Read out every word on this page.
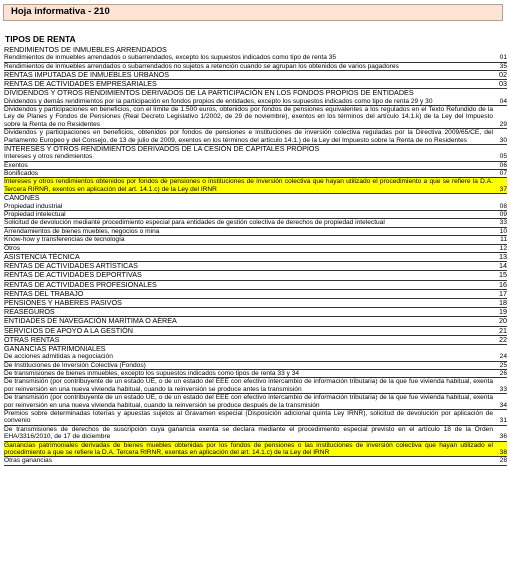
Hoja informativa - 210
TIPOS DE RENTA
RENDIMIENTOS DE INMUEBLES ARRENDADOS
Rendimientos de inmuebles arrendados o subarrendados, excepto los supuestos indicados como tipo de renta 35	01
Rendimientos de inmuebles arrendados o subarrendados no sujetos a retención cuando se agrupan los obtenidos de varios pagadores	35
RENTAS IMPUTADAS DE INMUEBLES URBANOS	02
RENTAS DE ACTIVIDADES EMPRESARIALES	03
DIVIDENDOS Y OTROS RENDIMIENTOS DERIVADOS DE LA PARTICIPACIÓN EN LOS FONDOS PROPIOS DE ENTIDADES
Dividendos y demás rendimientos por la participación en fondos propios de entidades, excepto los supuestos indicados como tipo de renta 29 y 30	04
Dividendos y participaciones en beneficios, con el límite de 1.500 euros, obtenidos por fondos de pensiones equivalentes a los regulados en el Texto Refundido de la Ley de Planes y Fondos de Pensiones (Real Decreto Legislativo 1/2002, de 29 de noviembre), exentos en los términos del artículo 14.1.k) de la Ley del Impuesto sobre la Renta de no Residentes	29
Dividendos y participaciones en beneficios, obtenidos por fondos de pensiones e instituciones de inversión colectiva reguladas por la Directiva 2009/65/CE, del Parlamento Europeo y del Consejo, de 13 de julio de 2009, exentos en los términos del artículo 14.1.) de la Ley del Impuesto sobre la Renta de no Residentes	30
INTERESES Y OTROS RENDIMIENTOS DERIVADOS DE LA CESIÓN DE CAPITALES PROPIOS
Intereses y otros rendimientos	05
Exentos	06
Bonificados	07
Intereses y otros rendimientos obtenidos por fondos de pensiones o instituciones de inversión colectiva que hayan utilizado el procedimiento a que se refiere la D.A. Tercera RIRNR, exentos en aplicación del art. 14.1.c) de la Ley del IRNR	37
CÁNONES
Propiedad industrial	08
Propiedad intelectual	09
Solicitud de devolución mediante procedimiento especial para entidades de gestión colectiva de derechos de propiedad intelectual	33
Arrendamientos de bienes muebles, negocios o mina	10
Know-how y transferencias de tecnología	11
Otros	12
ASISTENCIA TÉCNICA	13
RENTAS DE ACTIVIDADES ARTÍSTICAS	14
RENTAS DE ACTIVIDADES DEPORTIVAS	15
RENTAS DE ACTIVIDADES PROFESIONALES	16
RENTAS DEL TRABAJO	17
PENSIONES Y HABERES PASIVOS	18
REASEGUROS	19
ENTIDADES DE NAVEGACIÓN MARÍTIMA O AÉREA	20
SERVICIOS DE APOYO A LA GESTIÓN	21
OTRAS RENTAS	22
GANANCIAS PATRIMONIALES
De acciones admitidas a negociación	24
De Instituciones de Inversión Colectiva (Fondos)	25
De transmisiones de bienes inmuebles, excepto los supuestos indicados como tipos de renta 33 y 34	26
De transmisión (por contribuyente de un estado UE, o de un estado del EEE con efectivo intercambio de información tributaria) de la que fue vivienda habitual, exenta por reinversión en una nueva vivienda habitual, cuando la reinversión se produce antes la transmisión	33
De transmisión (por contribuyente de un estado UE, o de un estado del EEE con efectivo intercambio de información tributaria) de la que fue vivienda habitual, exenta por reinversión en una nueva vivienda habitual, cuando la reinversión se produce después de la transmisión	34
Premios sobre determinadas loterías y apuestas sujetos al Gravamen especial (Disposición adicional quinta Ley IRNR), solicitud de devolución por aplicación de convenio	31
De transmisiones de derechos de suscripción cuya ganancia exenta se declara mediante el procedimiento especial previsto en el artículo 18 de la Orden EHA/3316/2010, de 17 de diciembre	36
Ganancias patrimoniales derivadas de bienes muebles obtenidas por los fondos de pensiones o las instituciones de inversión colectiva que hayan utilizado el procedimiento a que se refiere la D.A. Tercera RIRNR, exentas en aplicación del art. 14.1.c) de la Ley del IRNR	38
Otras ganancias	28
